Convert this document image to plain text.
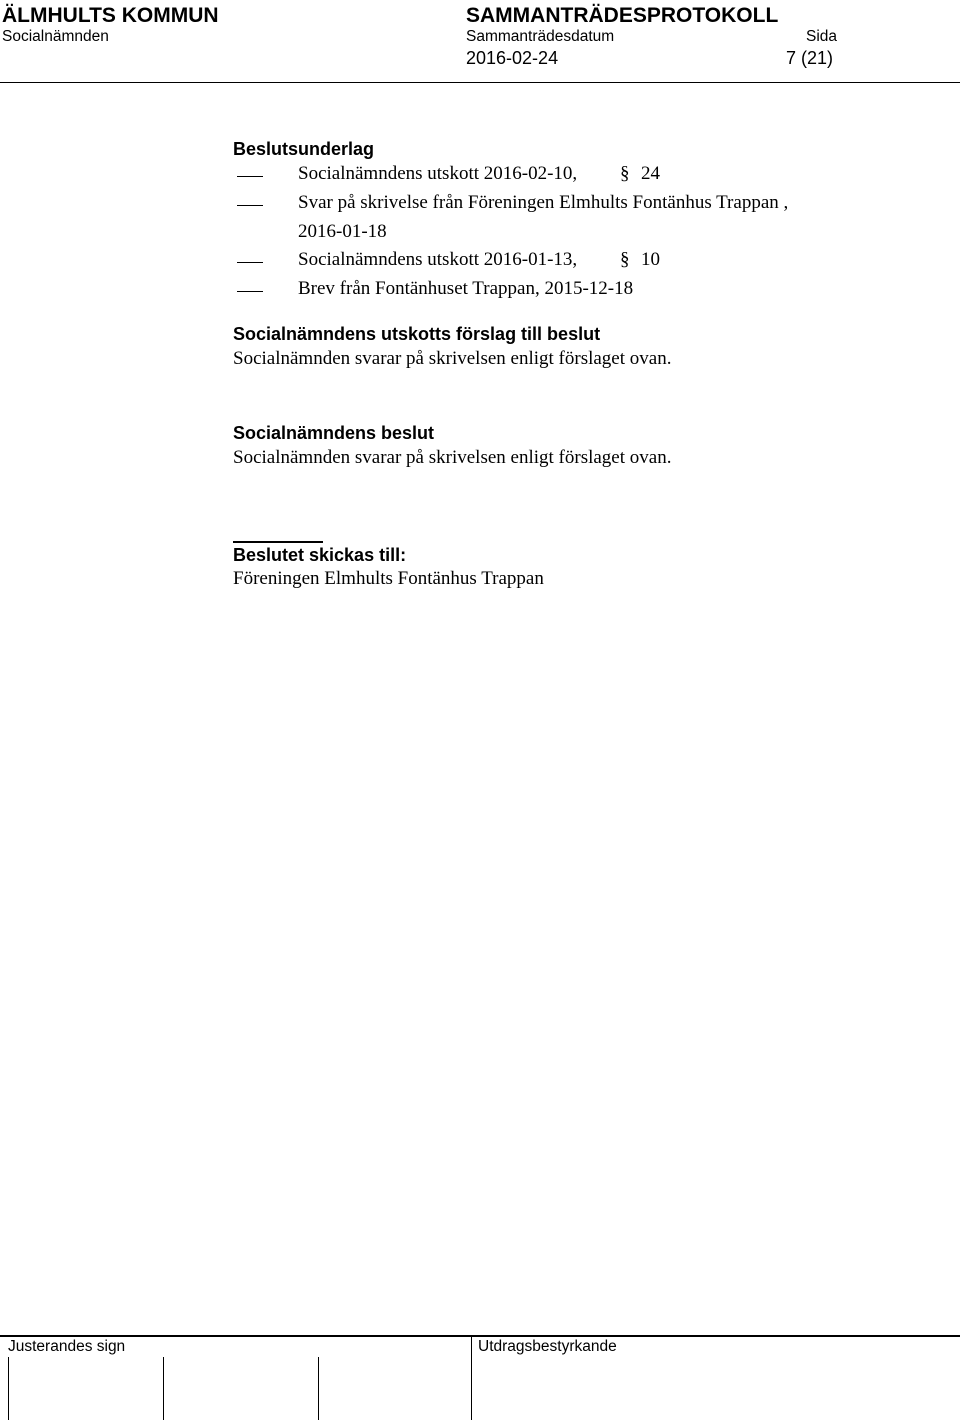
ÄLMHULTS KOMMUN
Socialnämnden
SAMMANTRÄDESPROTOKOLL
Sammanträdesdatum
2016-02-24
Sida
7 (21)
Beslutsunderlag
Socialnämndens utskott 2016-02-10, § 24
Svar på skrivelse från Föreningen Elmhults Fontänhus Trappan ,
2016-01-18
Socialnämndens utskott 2016-01-13, § 10
Brev från Fontänhuset Trappan, 2015-12-18
Socialnämndens utskotts förslag till beslut
Socialnämnden svarar på skrivelsen enligt förslaget ovan.
Socialnämndens beslut
Socialnämnden svarar på skrivelsen enligt förslaget ovan.
Beslutet skickas till:
Föreningen Elmhults Fontänhus Trappan
Justerandes sign	Utdragsbestyrkande
